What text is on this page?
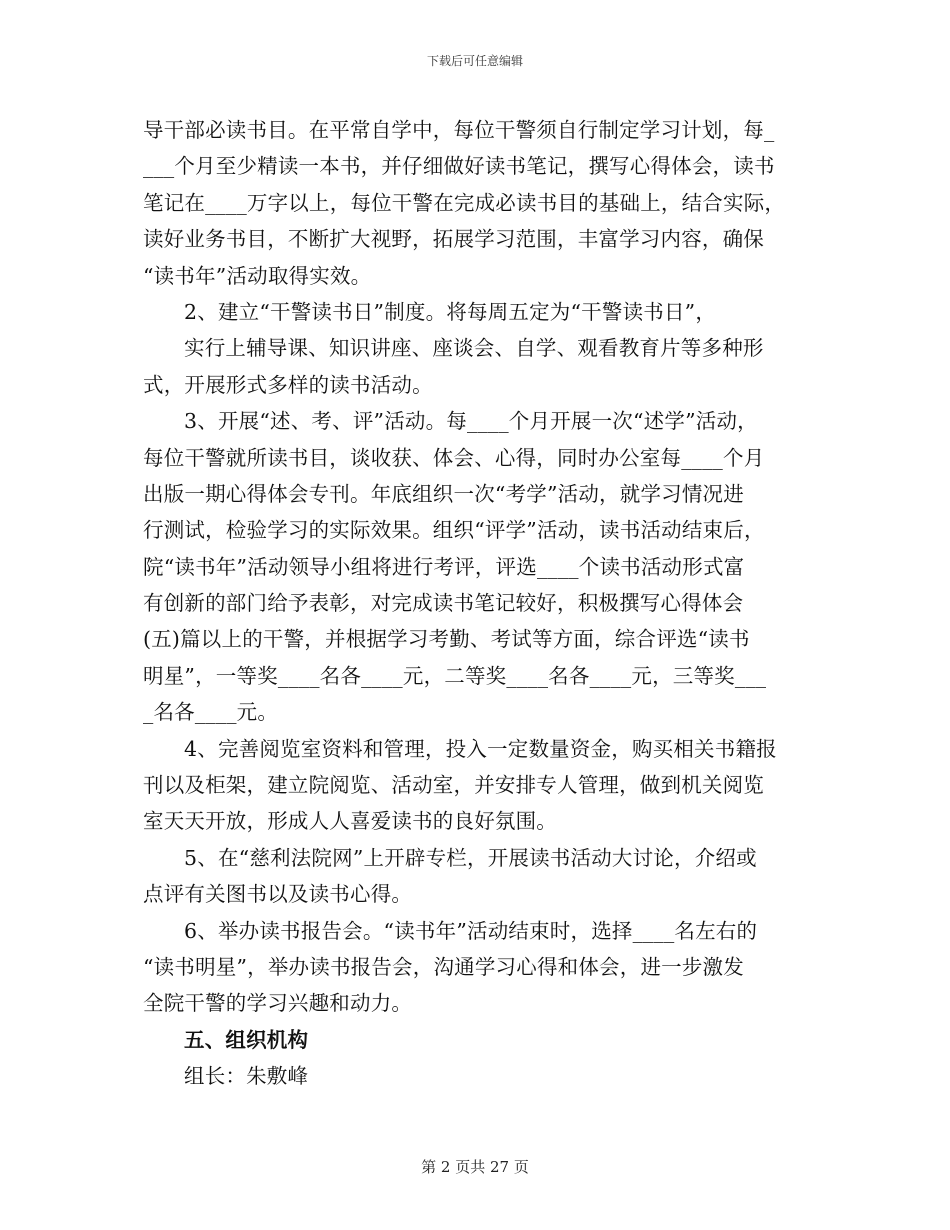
下载后可任意编辑
导干部必读书目。在平常自学中，每位干警须自行制定学习计划，每_
___个月至少精读一本书，并仔细做好读书笔记，撰写心得体会，读书
笔记在____万字以上，每位干警在完成必读书目的基础上，结合实际，
读好业务书目，不断扩大视野，拓展学习范围，丰富学习内容，确保
“读书年”活动取得实效。
2、建立“干警读书日”制度。将每周五定为“干警读书日”，
实行上辅导课、知识讲座、座谈会、自学、观看教育片等多种形
式，开展形式多样的读书活动。
3、开展“述、考、评”活动。每____个月开展一次“述学”活动，
每位干警就所读书目，谈收获、体会、心得，同时办公室每____个月
出版一期心得体会专刊。年底组织一次“考学”活动，就学习情况进
行测试，检验学习的实际效果。组织“评学”活动，读书活动结束后，
院“读书年”活动领导小组将进行考评，评选____个读书活动形式富
有创新的部门给予表彰，对完成读书笔记较好，积极撰写心得体会
(五)篇以上的干警，并根据学习考勤、考试等方面，综合评选“读书
明星”，一等奖____名各____元，二等奖____名各____元，三等奖___
_名各____元。
4、完善阅览室资料和管理，投入一定数量资金，购买相关书籍报
刊以及柜架，建立院阅览、活动室，并安排专人管理，做到机关阅览
室天天开放，形成人人喜爱读书的良好氛围。
5、在“慈利法院网”上开辟专栏，开展读书活动大讨论，介绍或
点评有关图书以及读书心得。
6、举办读书报告会。“读书年”活动结束时，选择____名左右的
“读书明星”，举办读书报告会，沟通学习心得和体会，进一步激发
全院干警的学习兴趣和动力。
五、组织机构
组长：朱敷峰
第 2 页共 27 页
